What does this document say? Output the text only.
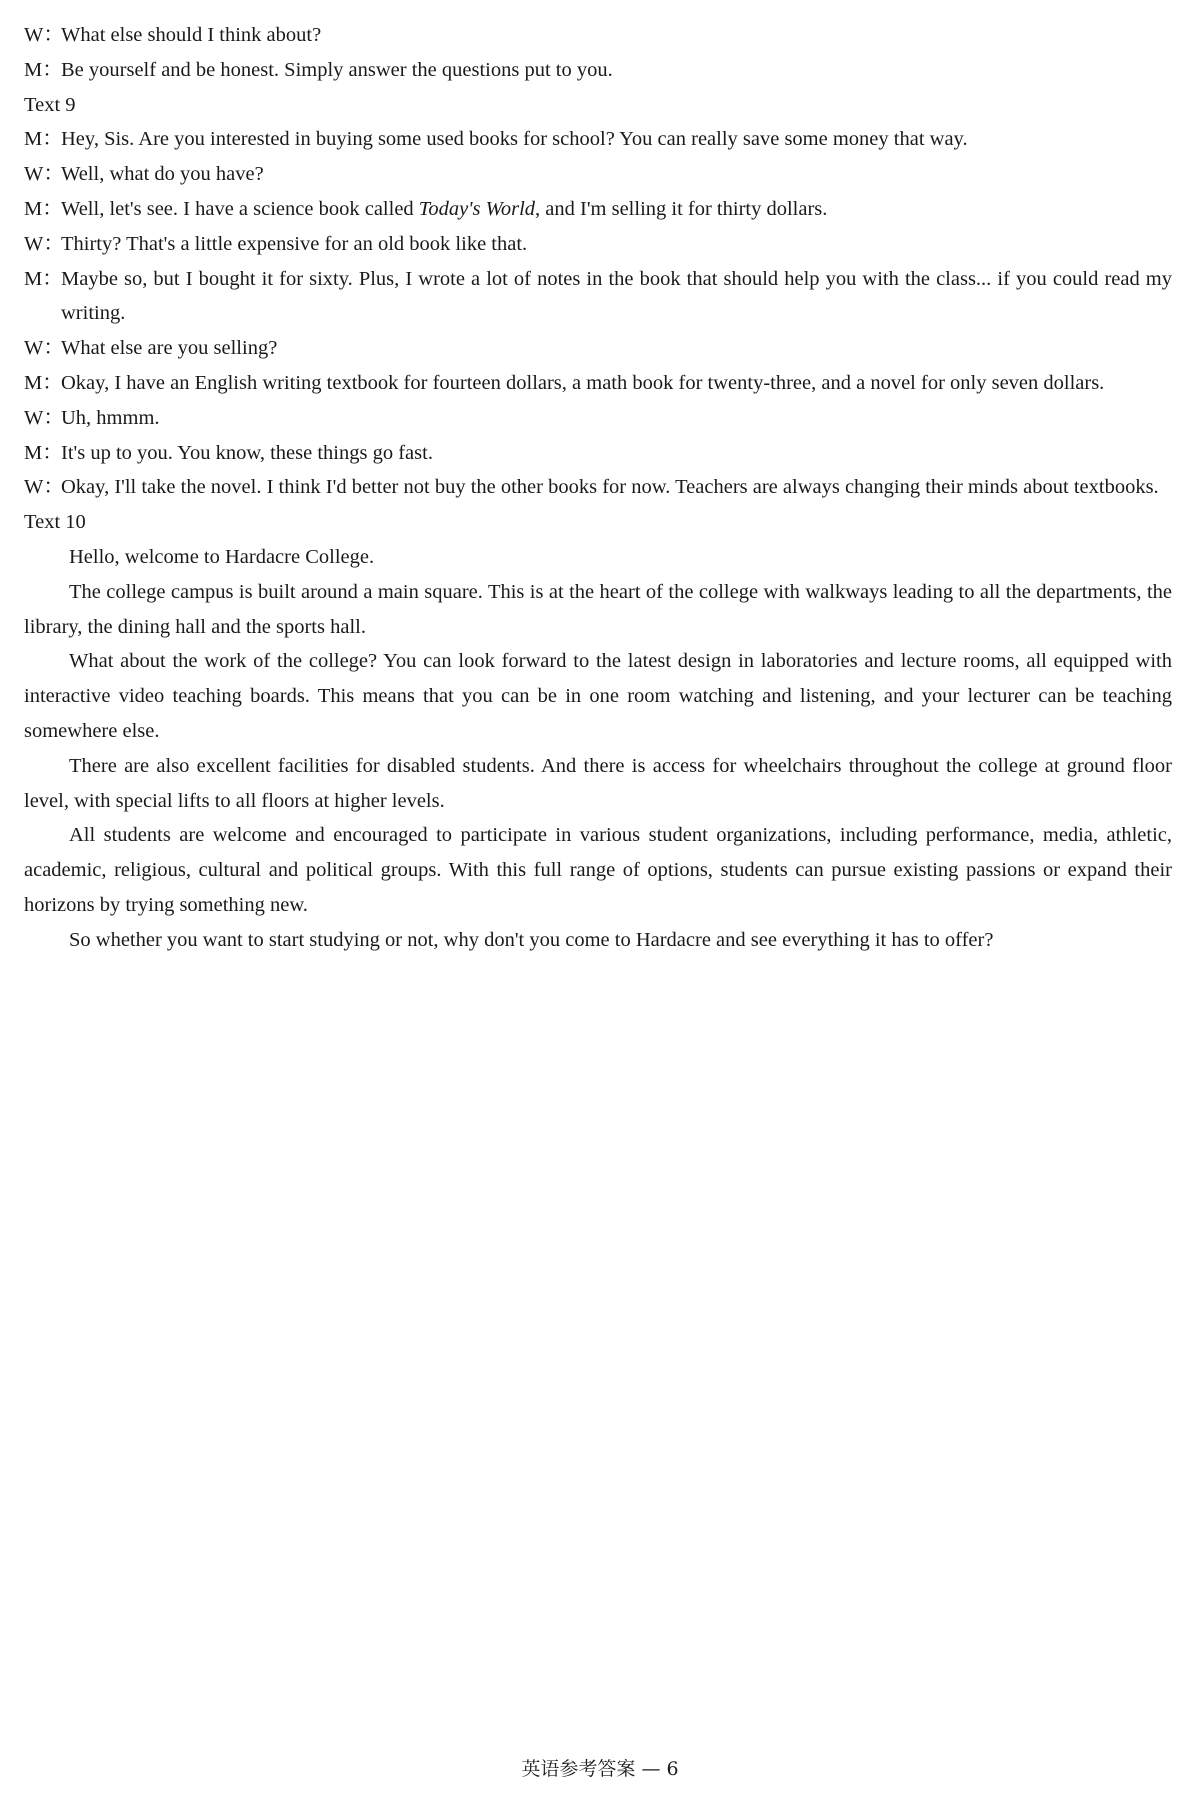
W：What else should I think about?

M：Be yourself and be honest. Simply answer the questions put to you.

Text 9

M：Hey, Sis. Are you interested in buying some used books for school? You can really save some money that way.

W：Well, what do you have?

M：Well, let's see. I have a science book called Today's World, and I'm selling it for thirty dollars.

W：Thirty? That's a little expensive for an old book like that.

M：Maybe so, but I bought it for sixty. Plus, I wrote a lot of notes in the book that should help you with the class... if you could read my writing.

W：What else are you selling?

M：Okay, I have an English writing textbook for fourteen dollars, a math book for twenty-three, and a novel for only seven dollars.

W：Uh, hmmm.

M：It's up to you. You know, these things go fast.

W：Okay, I'll take the novel. I think I'd better not buy the other books for now. Teachers are always changing their minds about textbooks.

Text 10

Hello, welcome to Hardacre College.

The college campus is built around a main square. This is at the heart of the college with walkways leading to all the departments, the library, the dining hall and the sports hall.

What about the work of the college? You can look forward to the latest design in laboratories and lecture rooms, all equipped with interactive video teaching boards. This means that you can be in one room watching and listening, and your lecturer can be teaching somewhere else.

There are also excellent facilities for disabled students. And there is access for wheelchairs throughout the college at ground floor level, with special lifts to all floors at higher levels.

All students are welcome and encouraged to participate in various student organizations, including performance, media, athletic, academic, religious, cultural and political groups. With this full range of options, students can pursue existing passions or expand their horizons by trying something new.

So whether you want to start studying or not, why don't you come to Hardacre and see everything it has to offer?

英语参考答案 — 6
